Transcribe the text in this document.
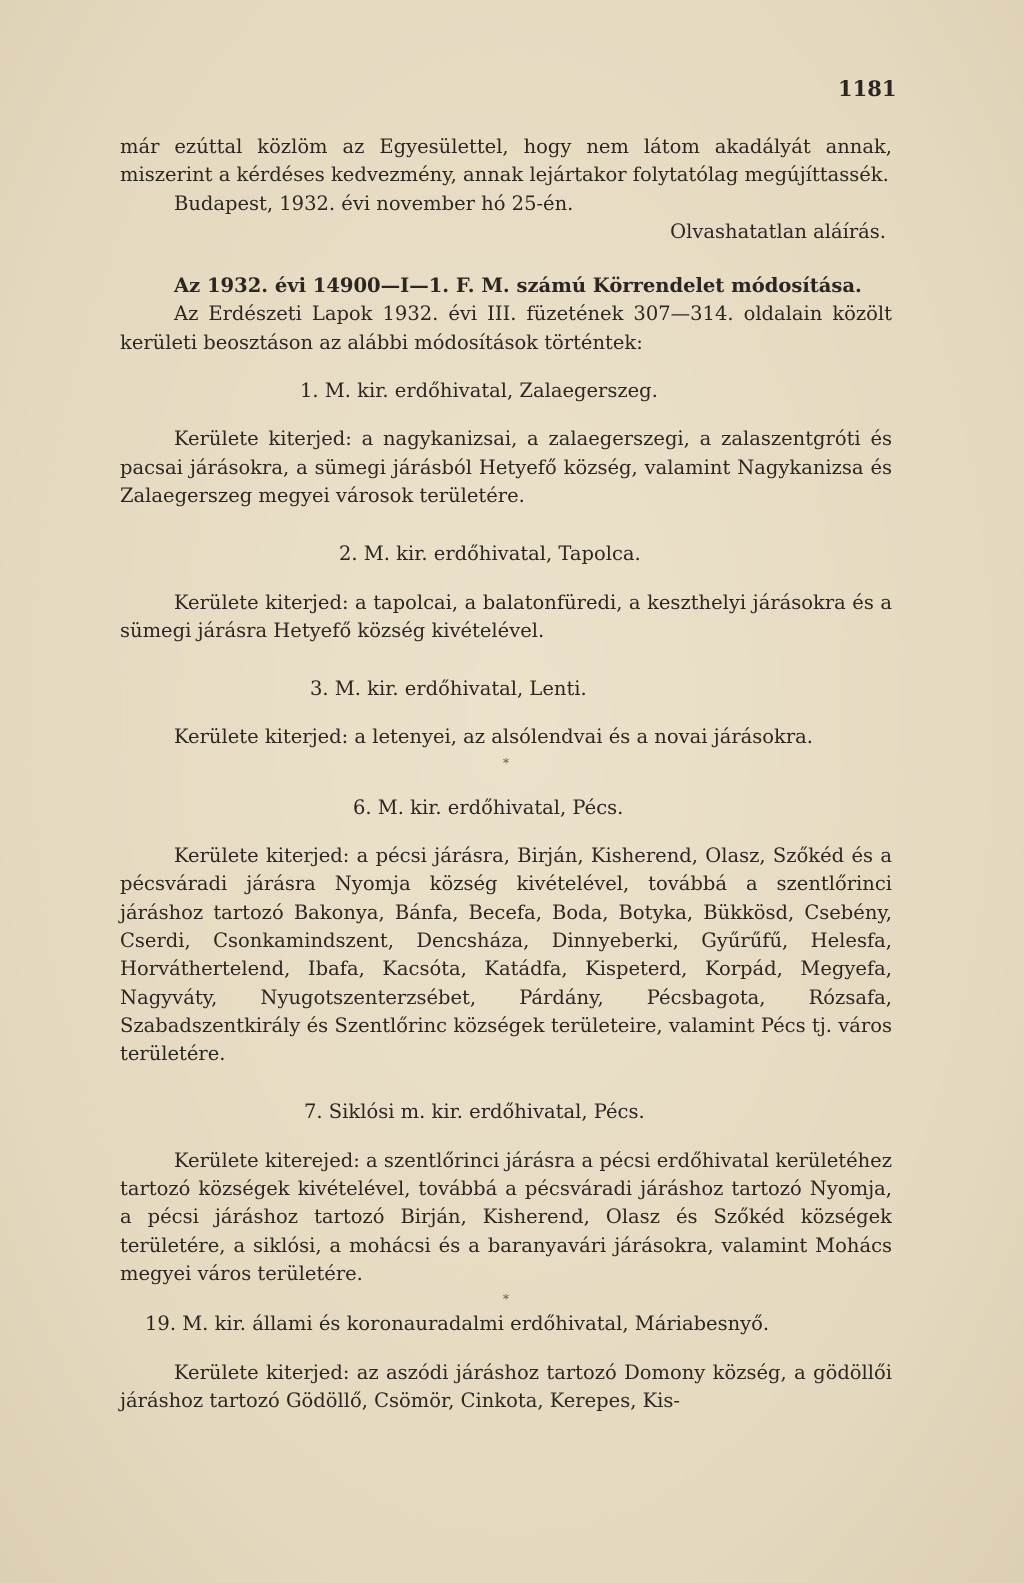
1181

már ezúttal közlöm az Egyesülettel, hogy nem látom akadályát annak, miszerint a kérdéses kedvezmény, annak lejártakor folytatólag megújíttassék.

Budapest, 1932. évi november hó 25-én.

Olvashatatlan aláírás.

Az 1932. évi 14900—I—1. F. M. számú Körrendelet módosítása.

Az Erdészeti Lapok 1932. évi III. füzetének 307—314. oldalain közölt kerületi beosztáson az alábbi módosítások történtek:

1. M. kir. erdőhivatal, Zalaegerszeg.

Kerülete kiterjed: a nagykanizsai, a zalaegerszegi, a zalaszentgróti és pacsai járásokra, a sümegi járásból Hetyefő község, valamint Nagykanizsa és Zalaegerszeg megyei városok területére.

2. M. kir. erdőhivatal, Tapolca.

Kerülete kiterjed: a tapolcai, a balatonfüredi, a keszthelyi járásokra és a sümegi járásra Hetyefő község kivételével.

3. M. kir. erdőhivatal, Lenti.

Kerülete kiterjed: a letenyei, az alsólendvai és a novai járásokra.

*

6. M. kir. erdőhivatal, Pécs.

Kerülete kiterjed: a pécsi járásra, Birján, Kisherend, Olasz, Szőkéd és a pécsváradi járásra Nyomja község kivételével, továbbá a szentlőrinci járáshoz tartozó Bakonya, Bánfa, Becefa, Boda, Botyka, Bükkösd, Csebény, Cserdi, Csonkamindszent, Dencsháza, Dinnyeberki, Gyűrűfű, Helesfa, Horváthertelend, Ibafa, Kacsóta, Katádfa, Kispeterd, Korpád, Megyefa, Nagyváty, Nyugotszenterzsébet, Párdány, Pécsbagota, Rózsafa, Szabadszentkirály és Szentlőrinc községek területeire, valamint Pécs tj. város területére.

7. Siklósi m. kir. erdőhivatal, Pécs.

Kerülete kiterejed: a szentlőrinci járásra a pécsi erdőhivatal kerületéhez tartozó községek kivételével, továbbá a pécsváradi járáshoz tartozó Nyomja, a pécsi járáshoz tartozó Birján, Kisherend, Olasz és Szőkéd községek területére, a siklósi, a mohácsi és a baranyavári járásokra, valamint Mohács megyei város területére.

*

19. M. kir. állami és koronauradalmi erdőhivatal, Máriabesnyő.

Kerülete kiterjed: az aszódi járáshoz tartozó Domony község, a gödöllői járáshoz tartozó Gödöllő, Csömör, Cinkota, Kerepes, Kis-
